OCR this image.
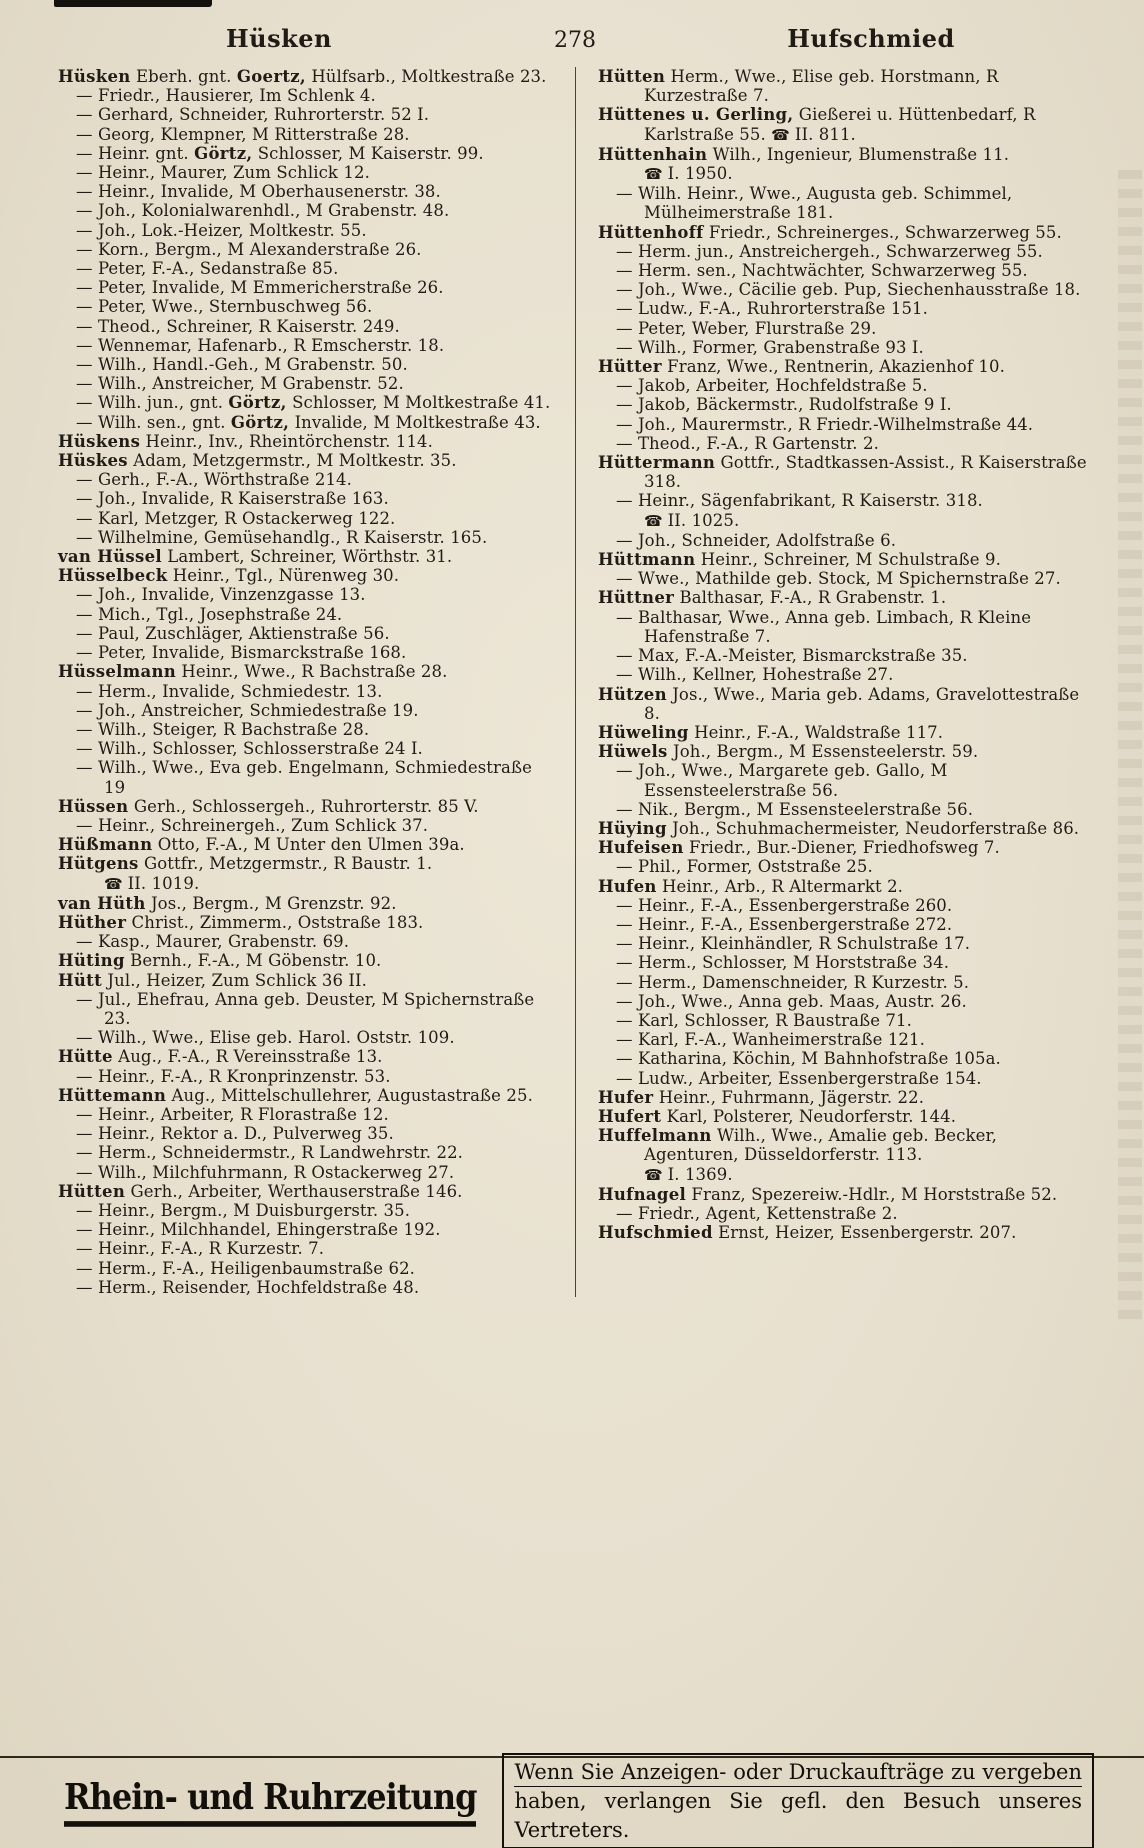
Hüsken	278	Hufschmied

Hüsken Eberh. gnt. Goertz, Hülfsarb., Moltkestraße 23.

— Friedr., Hausierer, Im Schlenk 4.

— Gerhard, Schneider, Ruhrorterstr. 52 I.

— Georg, Klempner, M Ritterstraße 28.

— Heinr. gnt. Görtz, Schlosser, M Kaiserstr. 99.

— Heinr., Maurer, Zum Schlick 12.

— Heinr., Invalide, M Oberhausenerstr. 38.

— Joh., Kolonialwarenhdl., M Grabenstr. 48.

— Joh., Lok.-Heizer, Moltkestr. 55.

— Korn., Bergm., M Alexanderstraße 26.

— Peter, F.-A., Sedanstraße 85.

— Peter, Invalide, M Emmericherstraße 26.

— Peter, Wwe., Sternbuschweg 56.

— Theod., Schreiner, R Kaiserstr. 249.

— Wennemar, Hafenarb., R Emscherstr. 18.

— Wilh., Handl.-Geh., M Grabenstr. 50.

— Wilh., Anstreicher, M Grabenstr. 52.

— Wilh. jun., gnt. Görtz, Schlosser, M Moltkestraße 41.

— Wilh. sen., gnt. Görtz, Invalide, M Moltkestraße 43.

Hüskens Heinr., Inv., Rheintörchenstr. 114.

Hüskes Adam, Metzgermstr., M Moltkestr. 35.

— Gerh., F.-A., Wörthstraße 214.

— Joh., Invalide, R Kaiserstraße 163.

— Karl, Metzger, R Ostackerweg 122.

— Wilhelmine, Gemüsehandlg., R Kaiserstr. 165.

van Hüssel Lambert, Schreiner, Wörthstr. 31.

Hüsselbeck Heinr., Tgl., Nürenweg 30.

— Joh., Invalide, Vinzenzgasse 13.

— Mich., Tgl., Josephstraße 24.

— Paul, Zuschläger, Aktienstraße 56.

— Peter, Invalide, Bismarckstraße 168.

Hüsselmann Heinr., Wwe., R Bachstraße 28.

— Herm., Invalide, Schmiedestr. 13.

— Joh., Anstreicher, Schmiedestraße 19.

— Wilh., Steiger, R Bachstraße 28.

— Wilh., Schlosser, Schlosserstraße 24 I.

— Wilh., Wwe., Eva geb. Engelmann, Schmiedestraße 19

Hüssen Gerh., Schlossergeh., Ruhrorterstr. 85 V.

— Heinr., Schreinergeh., Zum Schlick 37.

Hüßmann Otto, F.-A., M Unter den Ulmen 39a.

Hütgens Gottfr., Metzgermstr., R Baustr. 1.
☎ II. 1019.

van Hüth Jos., Bergm., M Grenzstr. 92.

Hüther Christ., Zimmerm., Oststraße 183.

— Kasp., Maurer, Grabenstr. 69.

Hüting Bernh., F.-A., M Göbenstr. 10.

Hütt Jul., Heizer, Zum Schlick 36 II.

— Jul., Ehefrau, Anna geb. Deuster, M Spichernstraße 23.

— Wilh., Wwe., Elise geb. Harol. Oststr. 109.

Hütte Aug., F.-A., R Vereinsstraße 13.

— Heinr., F.-A., R Kronprinzenstr. 53.

Hüttemann Aug., Mittelschullehrer, Augustastraße 25.

— Heinr., Arbeiter, R Florastraße 12.

— Heinr., Rektor a. D., Pulverweg 35.

— Herm., Schneidermstr., R Landwehrstr. 22.

— Wilh., Milchfuhrmann, R Ostackerweg 27.

Hütten Gerh., Arbeiter, Werthauserstraße 146.

— Heinr., Bergm., M Duisburgerstr. 35.

— Heinr., Milchhandel, Ehingerstraße 192.

— Heinr., F.-A., R Kurzestr. 7.

— Herm., F.-A., Heiligenbaumstraße 62.

— Herm., Reisender, Hochfeldstraße 48.

Hütten Herm., Wwe., Elise geb. Horstmann, R Kurzestraße 7.

Hüttenes u. Gerling, Gießerei u. Hüttenbedarf, R Karlstraße 55. ☎ II. 811.

Hüttenhain Wilh., Ingenieur, Blumenstraße 11.
☎ I. 1950.

— Wilh. Heinr., Wwe., Augusta geb. Schimmel, Mülheimerstraße 181.

Hüttenhoff Friedr., Schreinerges., Schwarzerweg 55.

— Herm. jun., Anstreichergeh., Schwarzerweg 55.

— Herm. sen., Nachtwächter, Schwarzerweg 55.

— Joh., Wwe., Cäcilie geb. Pup, Siechenhausstraße 18.

— Ludw., F.-A., Ruhrorterstraße 151.

— Peter, Weber, Flurstraße 29.

— Wilh., Former, Grabenstraße 93 I.

Hütter Franz, Wwe., Rentnerin, Akazienhof 10.

— Jakob, Arbeiter, Hochfeldstraße 5.

— Jakob, Bäckermstr., Rudolfstraße 9 I.

— Joh., Maurermstr., R Friedr.-Wilhelmstraße 44.

— Theod., F.-A., R Gartenstr. 2.

Hüttermann Gottfr., Stadtkassen-Assist., R Kaiserstraße 318.

— Heinr., Sägenfabrikant, R Kaiserstr. 318.
☎ II. 1025.

— Joh., Schneider, Adolfstraße 6.

Hüttmann Heinr., Schreiner, M Schulstraße 9.

— Wwe., Mathilde geb. Stock, M Spichernstraße 27.

Hüttner Balthasar, F.-A., R Grabenstr. 1.

— Balthasar, Wwe., Anna geb. Limbach, R Kleine Hafenstraße 7.

— Max, F.-A.-Meister, Bismarckstraße 35.

— Wilh., Kellner, Hohestraße 27.

Hützen Jos., Wwe., Maria geb. Adams, Gravelottestraße 8.

Hüweling Heinr., F.-A., Waldstraße 117.

Hüwels Joh., Bergm., M Essensteelerstr. 59.

— Joh., Wwe., Margarete geb. Gallo, M Essensteelerstraße 56.

— Nik., Bergm., M Essensteelerstraße 56.

Hüying Joh., Schuhmachermeister, Neudorferstraße 86.

Hufeisen Friedr., Bur.-Diener, Friedhofsweg 7.

— Phil., Former, Oststraße 25.

Hufen Heinr., Arb., R Altermarkt 2.

— Heinr., F.-A., Essenbergerstraße 260.

— Heinr., F.-A., Essenbergerstraße 272.

— Heinr., Kleinhändler, R Schulstraße 17.

— Herm., Schlosser, M Horststraße 34.

— Herm., Damenschneider, R Kurzestr. 5.

— Joh., Wwe., Anna geb. Maas, Austr. 26.

— Karl, Schlosser, R Baustraße 71.

— Karl, F.-A., Wanheimerstraße 121.

— Katharina, Köchin, M Bahnhofstraße 105a.

— Ludw., Arbeiter, Essenbergerstraße 154.

Hufer Heinr., Fuhrmann, Jägerstr. 22.

Hufert Karl, Polsterer, Neudorferstr. 144.

Huffelmann Wilh., Wwe., Amalie geb. Becker, Agenturen, Düsseldorferstr. 113.
☎ I. 1369.

Hufnagel Franz, Spezereiw.-Hdlr., M Horststraße 52.

— Friedr., Agent, Kettenstraße 2.

Hufschmied Ernst, Heizer, Essenbergerstr. 207.

Rhein- und Ruhrzeitung
Wenn Sie Anzeigen- oder Druckaufträge zu vergeben
haben, verlangen Sie gefl. den Besuch unseres Vertreters.
